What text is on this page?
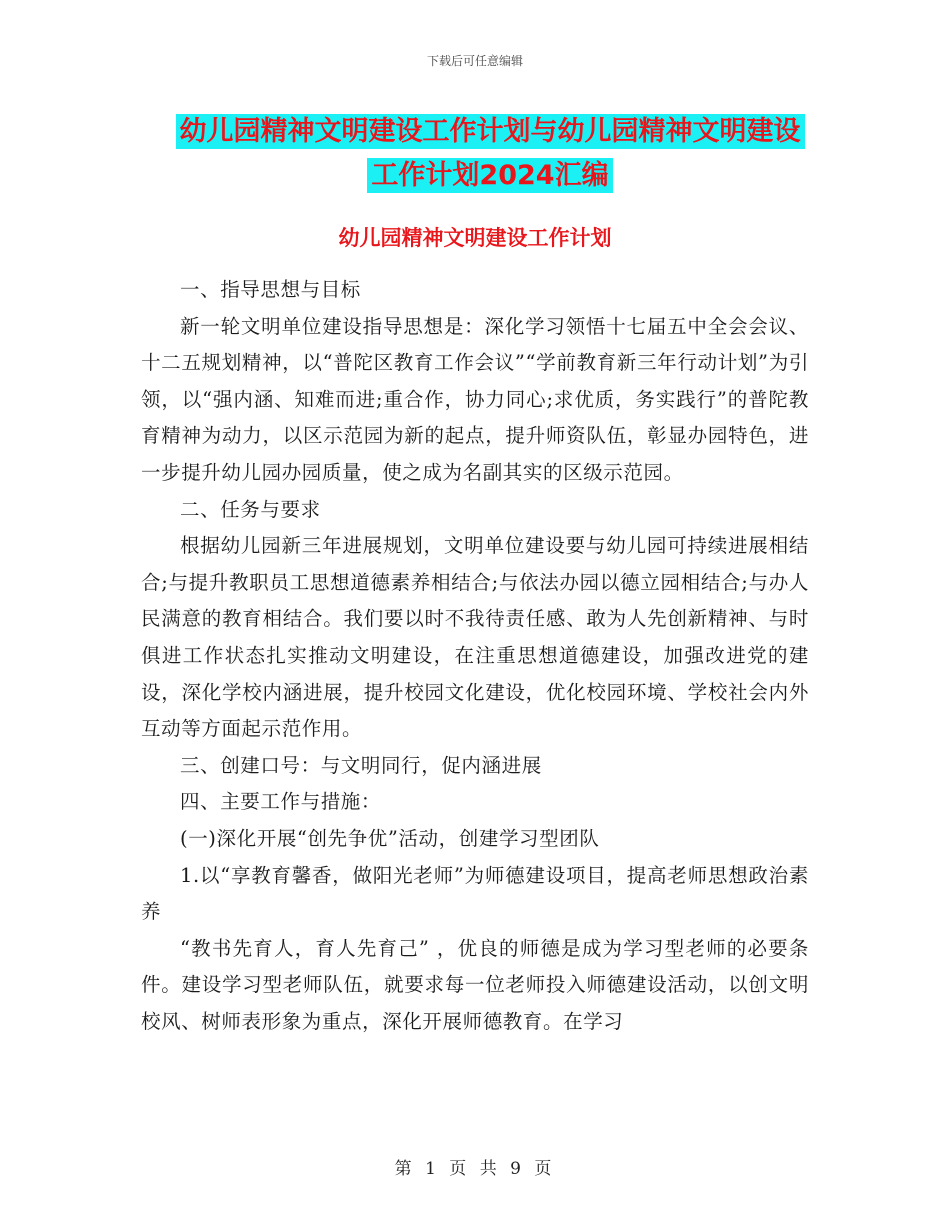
下载后可任意编辑
幼儿园精神文明建设工作计划与幼儿园精神文明建设
工作计划2024汇编
幼儿园精神文明建设工作计划

一、指导思想与目标

新一轮文明单位建设指导思想是：深化学习领悟十七届五中全会会议、十二五规划精神，以“普陀区教育工作会议”“学前教育新三年行动计划”为引领，以“强内涵、知难而进;重合作，协力同心;求优质，务实践行”的普陀教育精神为动力，以区示范园为新的起点，提升师资队伍，彰显办园特色，进一步提升幼儿园办园质量，使之成为名副其实的区级示范园。

二、任务与要求

根据幼儿园新三年进展规划，文明单位建设要与幼儿园可持续进展相结合;与提升教职员工思想道德素养相结合;与依法办园以德立园相结合;与办人民满意的教育相结合。我们要以时不我待责任感、敢为人先创新精神、与时俱进工作状态扎实推动文明建设，在注重思想道德建设，加强改进党的建设，深化学校内涵进展，提升校园文化建设，优化校园环境、学校社会内外互动等方面起示范作用。

三、创建口号：与文明同行，促内涵进展

四、主要工作与措施：

(一)深化开展“创先争优”活动，创建学习型团队

1.以“享教育馨香，做阳光老师”为师德建设项目，提高老师思想政治素养

“教书先育人，育人先育己” ，优良的师德是成为学习型老师的必要条件。建设学习型老师队伍，就要求每一位老师投入师德建设活动，以创文明校风、树师表形象为重点，深化开展师德教育。在学习

第 1 页 共 9 页
